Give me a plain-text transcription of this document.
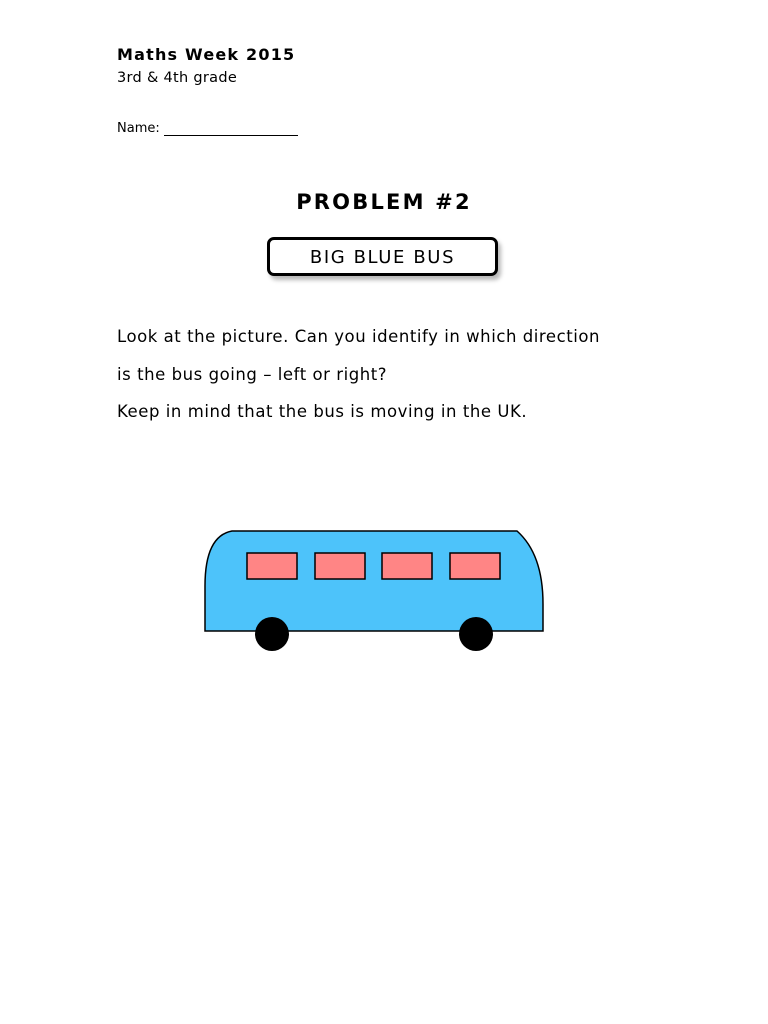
Maths Week 2015
3rd & 4th grade
Name:
PROBLEM #2
BIG BLUE BUS

Look at the picture. Can you identify in which direction

is the bus going – left or right?

Keep in mind that the bus is moving in the UK.
